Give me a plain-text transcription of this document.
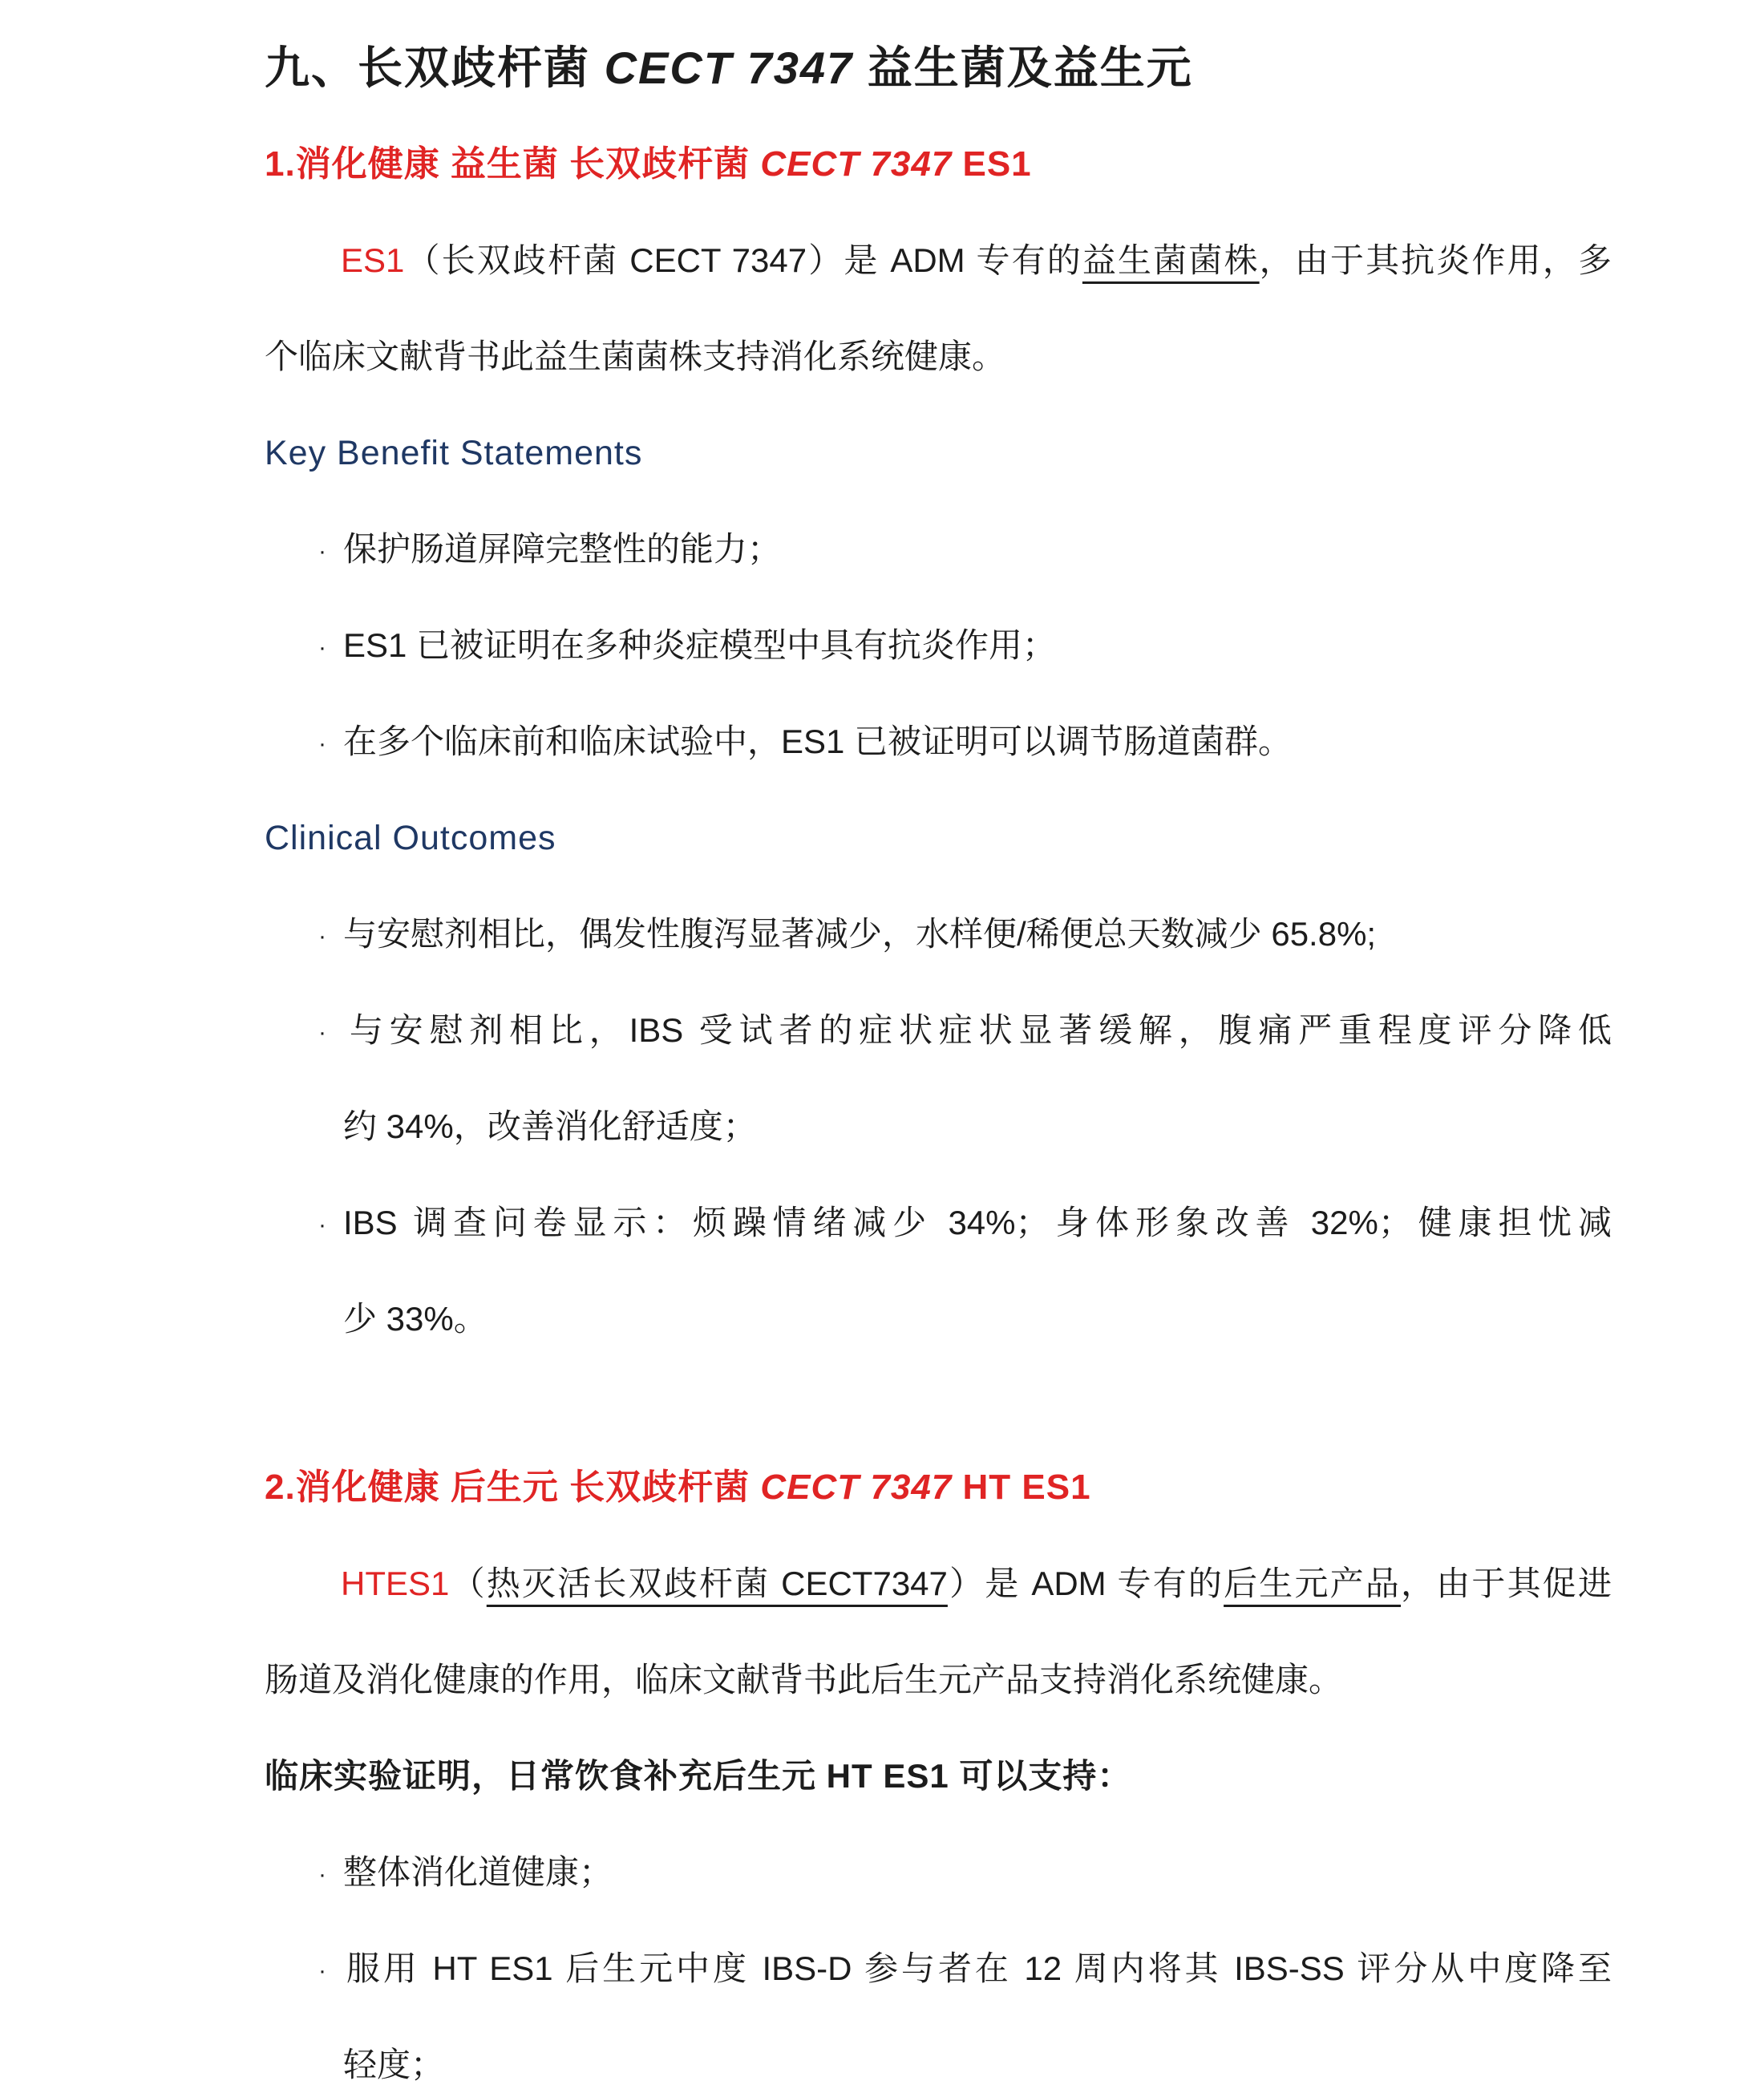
九、长双歧杆菌 CECT 7347 益生菌及益生元
1.消化健康 益生菌 长双歧杆菌 CECT 7347 ES1
ES1（长双歧杆菌 CECT 7347）是 ADM 专有的益生菌菌株，由于其抗炎作用，多
个临床文献背书此益生菌菌株支持消化系统健康。
Key Benefit Statements
· 保护肠道屏障完整性的能力；
· ES1 已被证明在多种炎症模型中具有抗炎作用；
· 在多个临床前和临床试验中，ES1 已被证明可以调节肠道菌群。
Clinical Outcomes
· 与安慰剂相比，偶发性腹泻显著减少，水样便/稀便总天数减少 65.8%;
· 与安慰剂相比，IBS 受试者的症状症状显著缓解，腹痛严重程度评分降低
约 34%，改善消化舒适度；
· IBS 调查问卷显示：烦躁情绪减少 34%；身体形象改善 32%；健康担忧减
少 33%。
2.消化健康 后生元 长双歧杆菌 CECT 7347 HT ES1
HTES1（热灭活长双歧杆菌 CECT7347）是 ADM 专有的后生元产品，由于其促进
肠道及消化健康的作用，临床文献背书此后生元产品支持消化系统健康。
临床实验证明，日常饮食补充后生元 HT ES1 可以支持：
· 整体消化道健康；
· 服用 HT ES1 后生元中度 IBS-D 参与者在 12 周内将其 IBS-SS 评分从中度降至
轻度；
